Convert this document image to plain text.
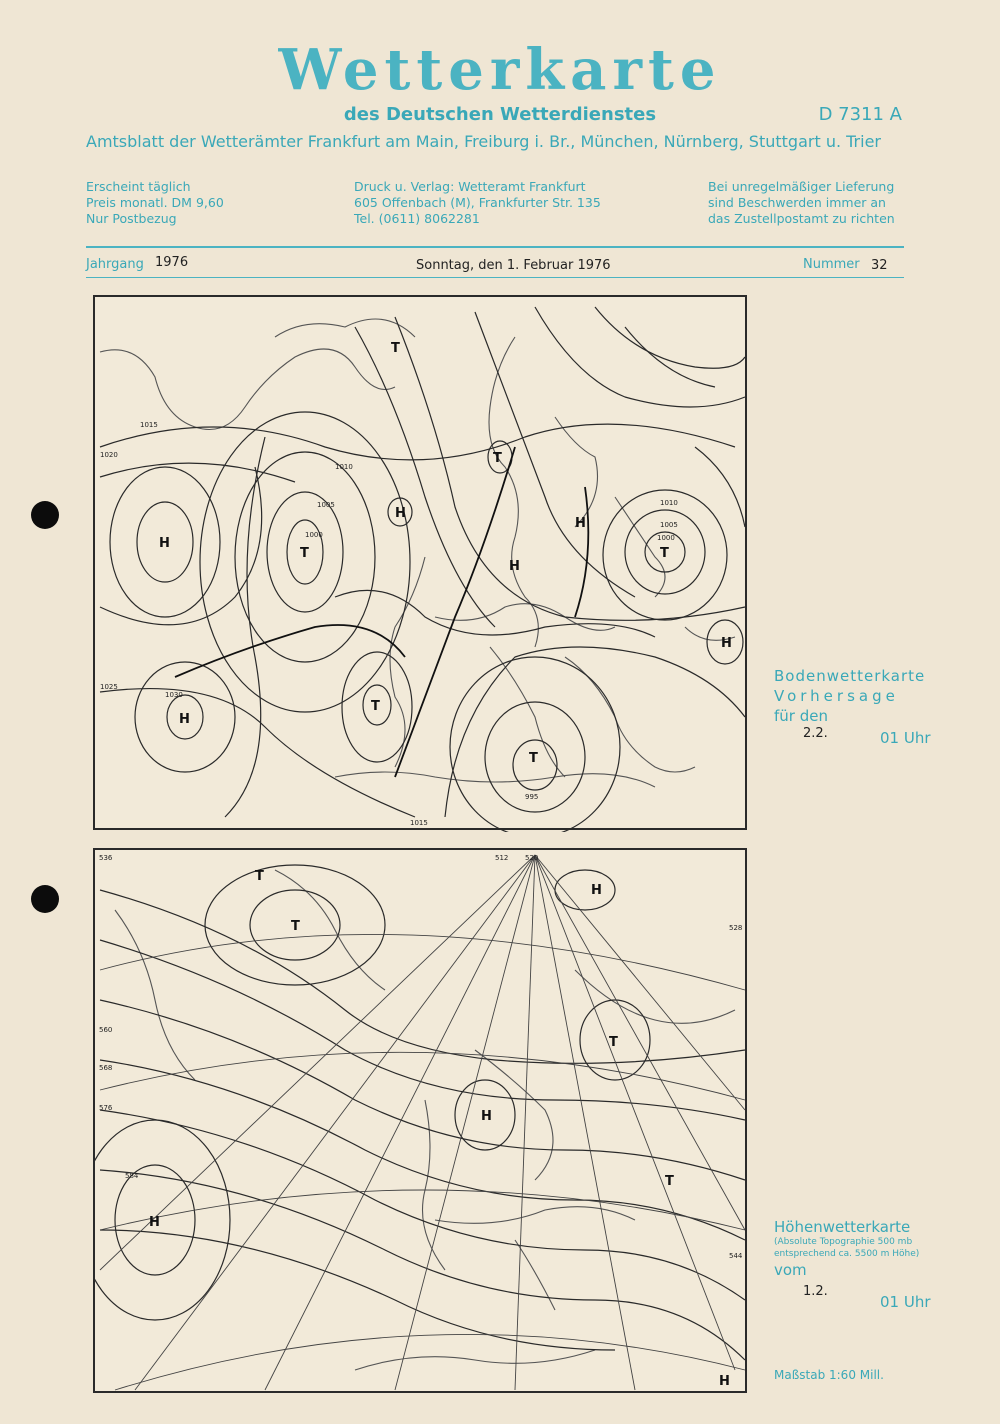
Wetterkarte
des Deutschen Wetterdienstes	D 7311 A
Amtsblatt der Wetterämter Frankfurt am Main, Freiburg i. Br., München, Nürnberg, Stuttgart u. Trier
Erscheint täglich
Preis monatl. DM 9,60
Nur Postbezug
Druck u. Verlag: Wetteramt Frankfurt
605 Offenbach (M), Frankfurter Str. 135
Tel. (0611) 8062281
Bei unregelmäßiger Lieferung
sind Beschwerden immer an
das Zustellpostamt zu richten
Jahrgang 1976	Sonntag, den 1. Februar 1976	Nummer 32
H
H
H
H
H
H
T
T
T
T
T
T
1015
1020
1030
1025
1010
1005
1000
995
1000
1005
1010
1015
Bodenwetterkarte
Vorhersage
für den
2.2.	01 Uhr
H
H
H
H
T
T
T
T
536	520
512
560
568
576
584
544
528
Höhenwetterkarte
(Absolute Topographie 500 mb
entsprechend ca. 5500 m Höhe)
vom
1.2.
01 Uhr
Maßstab 1:60 Mill.
